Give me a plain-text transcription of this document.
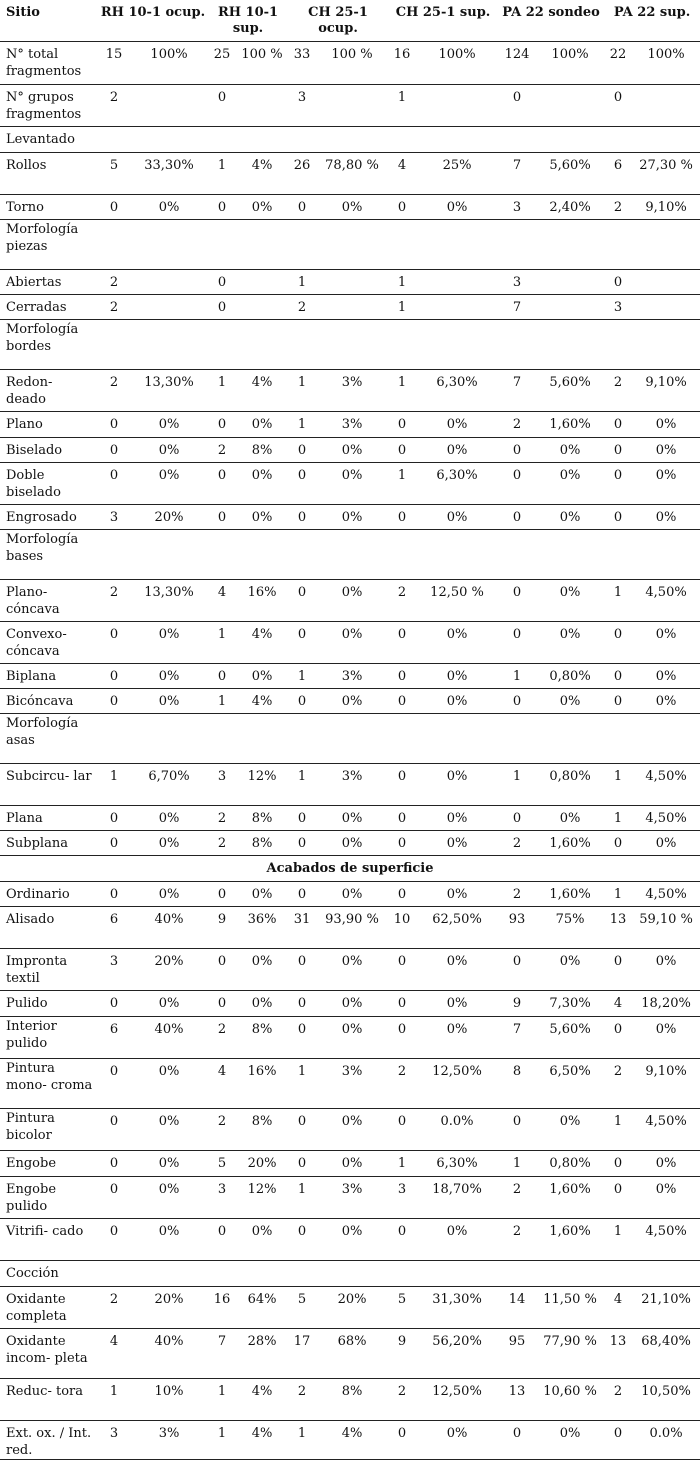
Sitio	RH 10-1 ocup.		RH 10-1 sup.		CH 25-1 ocup.		CH 25-1 sup.		PA 22 sondeo		PA 22 sup.	
N° total fragmentos	15	100%	25	100 %	33	100 %	16	100%	124	100%	22	100%
N° grupos fragmentos	2		0		3		1		0		0	
Levantado												
Rollos	5	33,30%	1	4%	26	78,80 %	4	25%	7	5,60%	6	27,30 %
Torno	0	0%	0	0%	0	0%	0	0%	3	2,40%	2	9,10%
Morfología piezas												
Abiertas	2		0		1		1		3		0	
Cerradas	2		0		2		1		7		3	
Morfología bordes												
Redon- deado	2	13,30%	1	4%	1	3%	1	6,30%	7	5,60%	2	9,10%
Plano	0	0%	0	0%	1	3%	0	0%	2	1,60%	0	0%
Biselado	0	0%	2	8%	0	0%	0	0%	0	0%	0	0%
Doble biselado	0	0%	0	0%	0	0%	1	6,30%	0	0%	0	0%
Engrosado	3	20%	0	0%	0	0%	0	0%	0	0%	0	0%
Morfología bases												
Plano- cóncava	2	13,30%	4	16%	0	0%	2	12,50 %	0	0%	1	4,50%
Convexo- cóncava	0	0%	1	4%	0	0%	0	0%	0	0%	0	0%
Biplana	0	0%	0	0%	1	3%	0	0%	1	0,80%	0	0%
Bicóncava	0	0%	1	4%	0	0%	0	0%	0	0%	0	0%
Morfología asas												
Subcircu- lar	1	6,70%	3	12%	1	3%	0	0%	1	0,80%	1	4,50%
Plana	0	0%	2	8%	0	0%	0	0%	0	0%	1	4,50%
Subplana	0	0%	2	8%	0	0%	0	0%	2	1,60%	0	0%
Acabados de superficie												
Ordinario	0	0%	0	0%	0	0%	0	0%	2	1,60%	1	4,50%
Alisado	6	40%	9	36%	31	93,90 %	10	62,50%	93	75%	13	59,10 %
Impronta textil	3	20%	0	0%	0	0%	0	0%	0	0%	0	0%
Pulido	0	0%	0	0%	0	0%	0	0%	9	7,30%	4	18,20%
Interior pulido	6	40%	2	8%	0	0%	0	0%	7	5,60%	0	0%
Pintura mono- croma	0	0%	4	16%	1	3%	2	12,50%	8	6,50%	2	9,10%
Pintura bicolor	0	0%	2	8%	0	0%	0	0.0%	0	0%	1	4,50%
Engobe	0	0%	5	20%	0	0%	1	6,30%	1	0,80%	0	0%
Engobe pulido	0	0%	3	12%	1	3%	3	18,70%	2	1,60%	0	0%
Vitrifi- cado	0	0%	0	0%	0	0%	0	0%	2	1,60%	1	4,50%
Cocción												
Oxidante completa	2	20%	16	64%	5	20%	5	31,30%	14	11,50 %	4	21,10%
Oxidante incom- pleta	4	40%	7	28%	17	68%	9	56,20%	95	77,90 %	13	68,40%
Reduc- tora	1	10%	1	4%	2	8%	2	12,50%	13	10,60 %	2	10,50%
Ext. ox. / Int. red.	3	3%	1	4%	1	4%	0	0%	0	0%	0	0.0%
